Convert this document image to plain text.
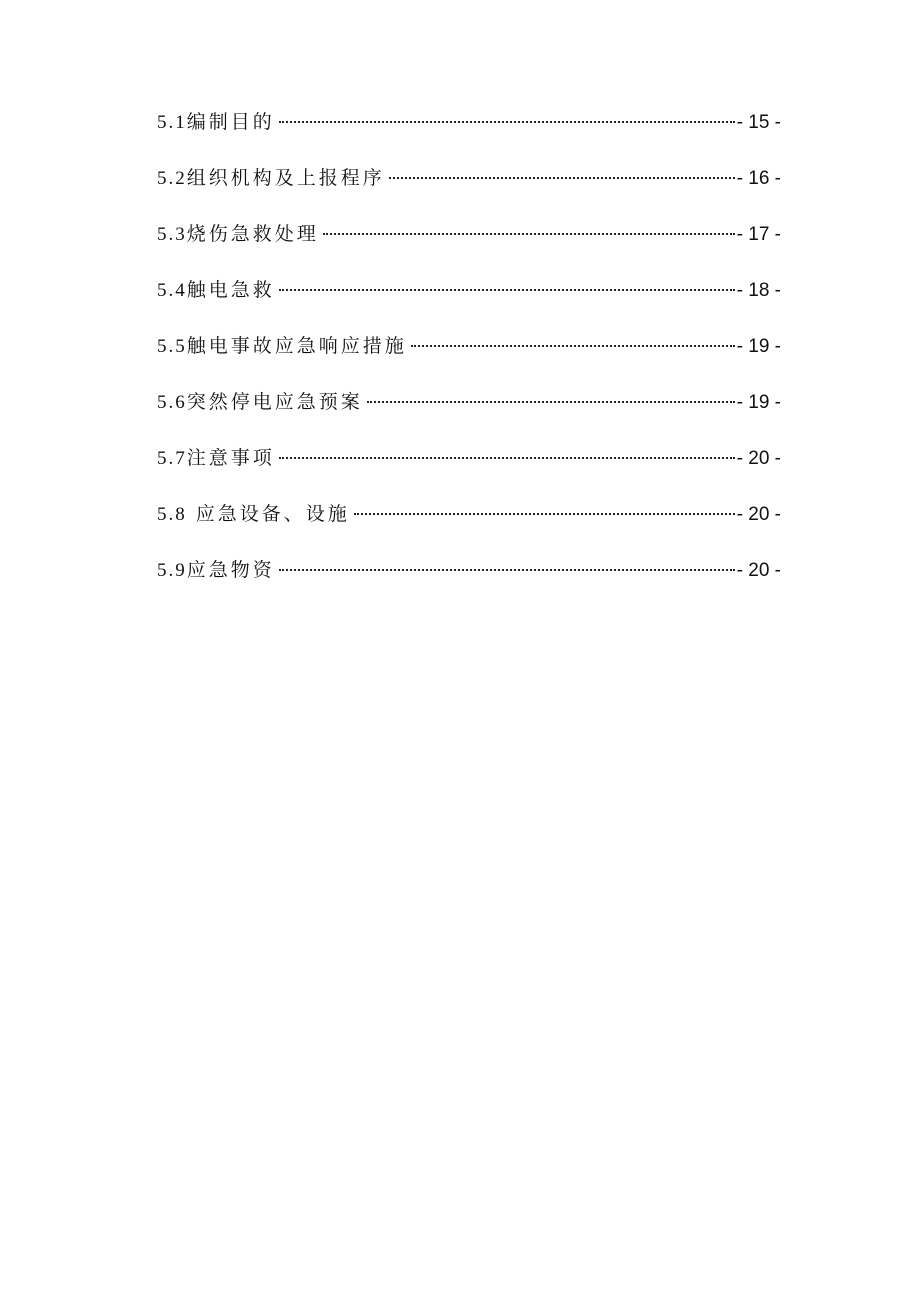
5.1 编制目的	- 15 -
5.2 组织机构及上报程序	- 16 -
5.3 烧伤急救处理	- 17 -
5.4 触电急救	- 18 -
5.5 触电事故应急响应措施	- 19 -
5.6 突然停电应急预案	- 19 -
5.7 注意事项	- 20 -
5.8 应急设备、设施	- 20 -
5.9 应急物资	- 20 -
